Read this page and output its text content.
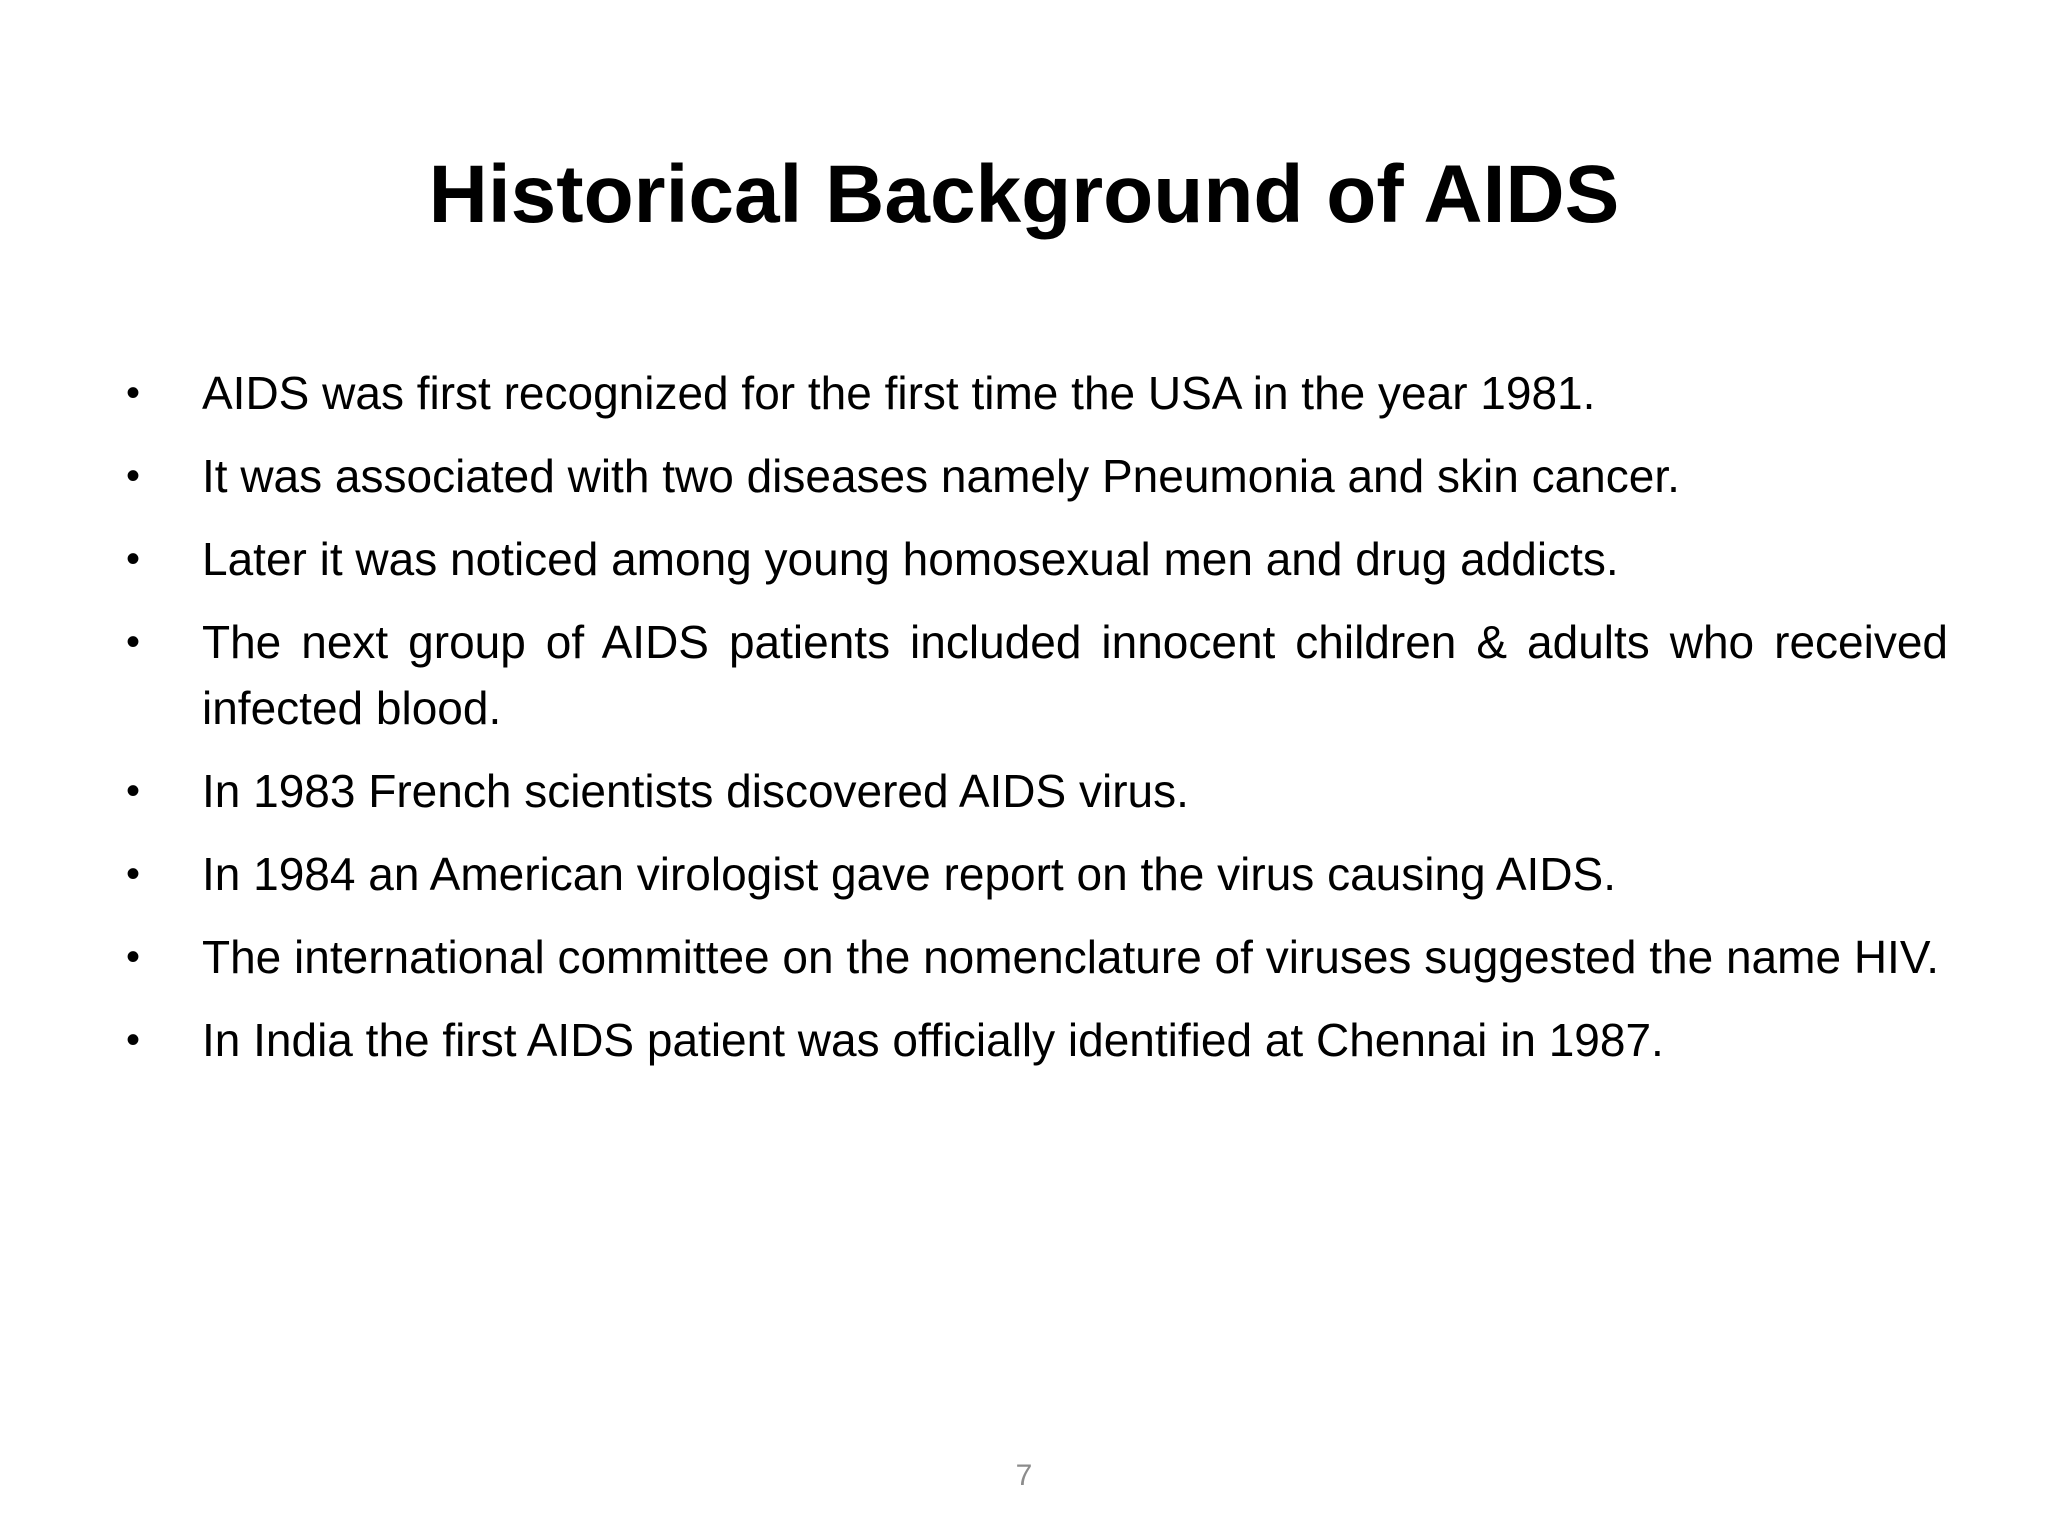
Historical Background of AIDS
• AIDS was first recognized for the first time the USA in the year 1981.
• It was associated with two diseases namely Pneumonia and skin cancer.
• Later it was noticed among young homosexual men and drug addicts.
• The next group of AIDS patients included innocent children & adults who received infected blood.
• In 1983 French scientists discovered AIDS virus.
• In 1984 an American virologist gave report on the virus causing AIDS.
• The international committee on the nomenclature of viruses suggested the name HIV.
• In India the first AIDS patient was officially identified at Chennai in 1987.
7
